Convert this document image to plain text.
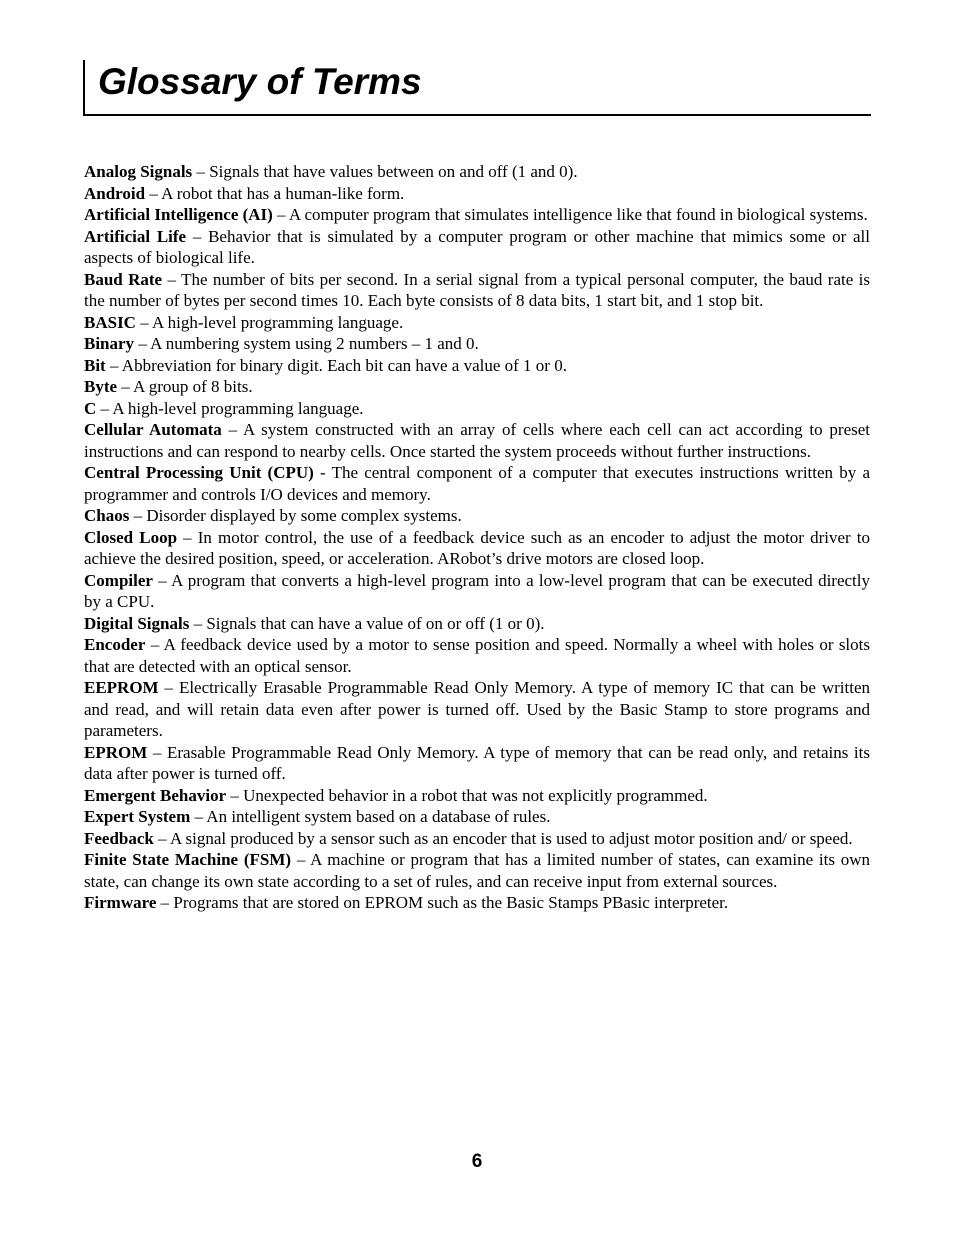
Glossary of Terms

Analog Signals – Signals that have values between on and off (1 and 0).

Android – A robot that has a human-like form.

Artificial Intelligence (AI) – A computer program that simulates intelligence like that found in biological systems.

Artificial Life – Behavior that is simulated by a computer program or other machine that mimics some or all aspects of biological life.

Baud Rate – The number of bits per second. In a serial signal from a typical personal computer, the baud rate is the number of bytes per second times 10. Each byte consists of 8 data bits, 1 start bit, and 1 stop bit.

BASIC – A high-level programming language.

Binary – A numbering system using 2 numbers – 1 and 0.

Bit – Abbreviation for binary digit. Each bit can have a value of 1 or 0.

Byte – A group of 8 bits.

C – A high-level programming language.

Cellular Automata – A system constructed with an array of cells where each cell can act according to preset instructions and can respond to nearby cells. Once started the system proceeds without further instructions.

Central Processing Unit (CPU) - The central component of a computer that executes instructions written by a programmer and controls I/O devices and memory.

Chaos – Disorder displayed by some complex systems.

Closed Loop – In motor control, the use of a feedback device such as an encoder to adjust the motor driver to achieve the desired position, speed, or acceleration. ARobot’s drive motors are closed loop.

Compiler – A program that converts a high-level program into a low-level program that can be executed directly by a CPU.

Digital Signals – Signals that can have a value of on or off (1 or 0).

Encoder – A feedback device used by a motor to sense position and speed. Normally a wheel with holes or slots that are detected with an optical sensor.

EEPROM – Electrically Erasable Programmable Read Only Memory. A type of memory IC that can be written and read, and will retain data even after power is turned off. Used by the Basic Stamp to store programs and parameters.

EPROM – Erasable Programmable Read Only Memory. A type of memory that can be read only, and retains its data after power is turned off.

Emergent Behavior – Unexpected behavior in a robot that was not explicitly programmed.

Expert System – An intelligent system based on a database of rules.

Feedback – A signal produced by a sensor such as an encoder that is used to adjust motor position and/ or speed.

Finite State Machine (FSM) – A machine or program that has a limited number of states, can examine its own state, can change its own state according to a set of rules, and can receive input from external sources.

Firmware – Programs that are stored on EPROM such as the Basic Stamps PBasic interpreter.

6
